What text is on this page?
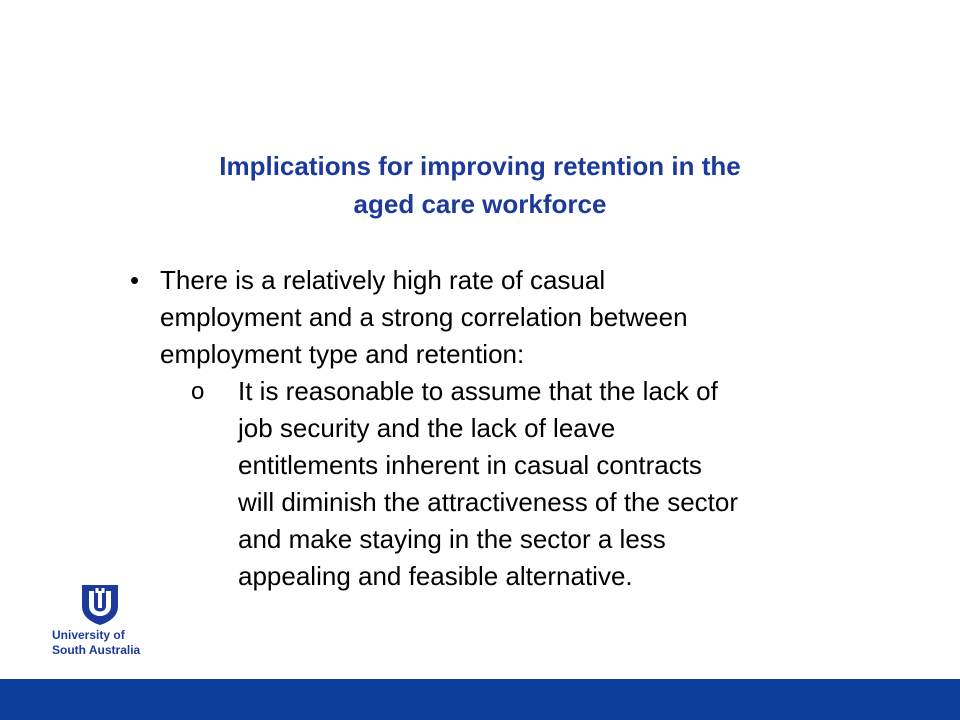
Implications for improving retention in the
aged care workforce
• There is a relatively high rate of casual
employment and a strong correlation between
employment type and retention:
o It is reasonable to assume that the lack of
job security and the lack of leave
entitlements inherent in casual contracts
will diminish the attractiveness of the sector
and make staying in the sector a less
appealing and feasible alternative.
University of
South Australia
